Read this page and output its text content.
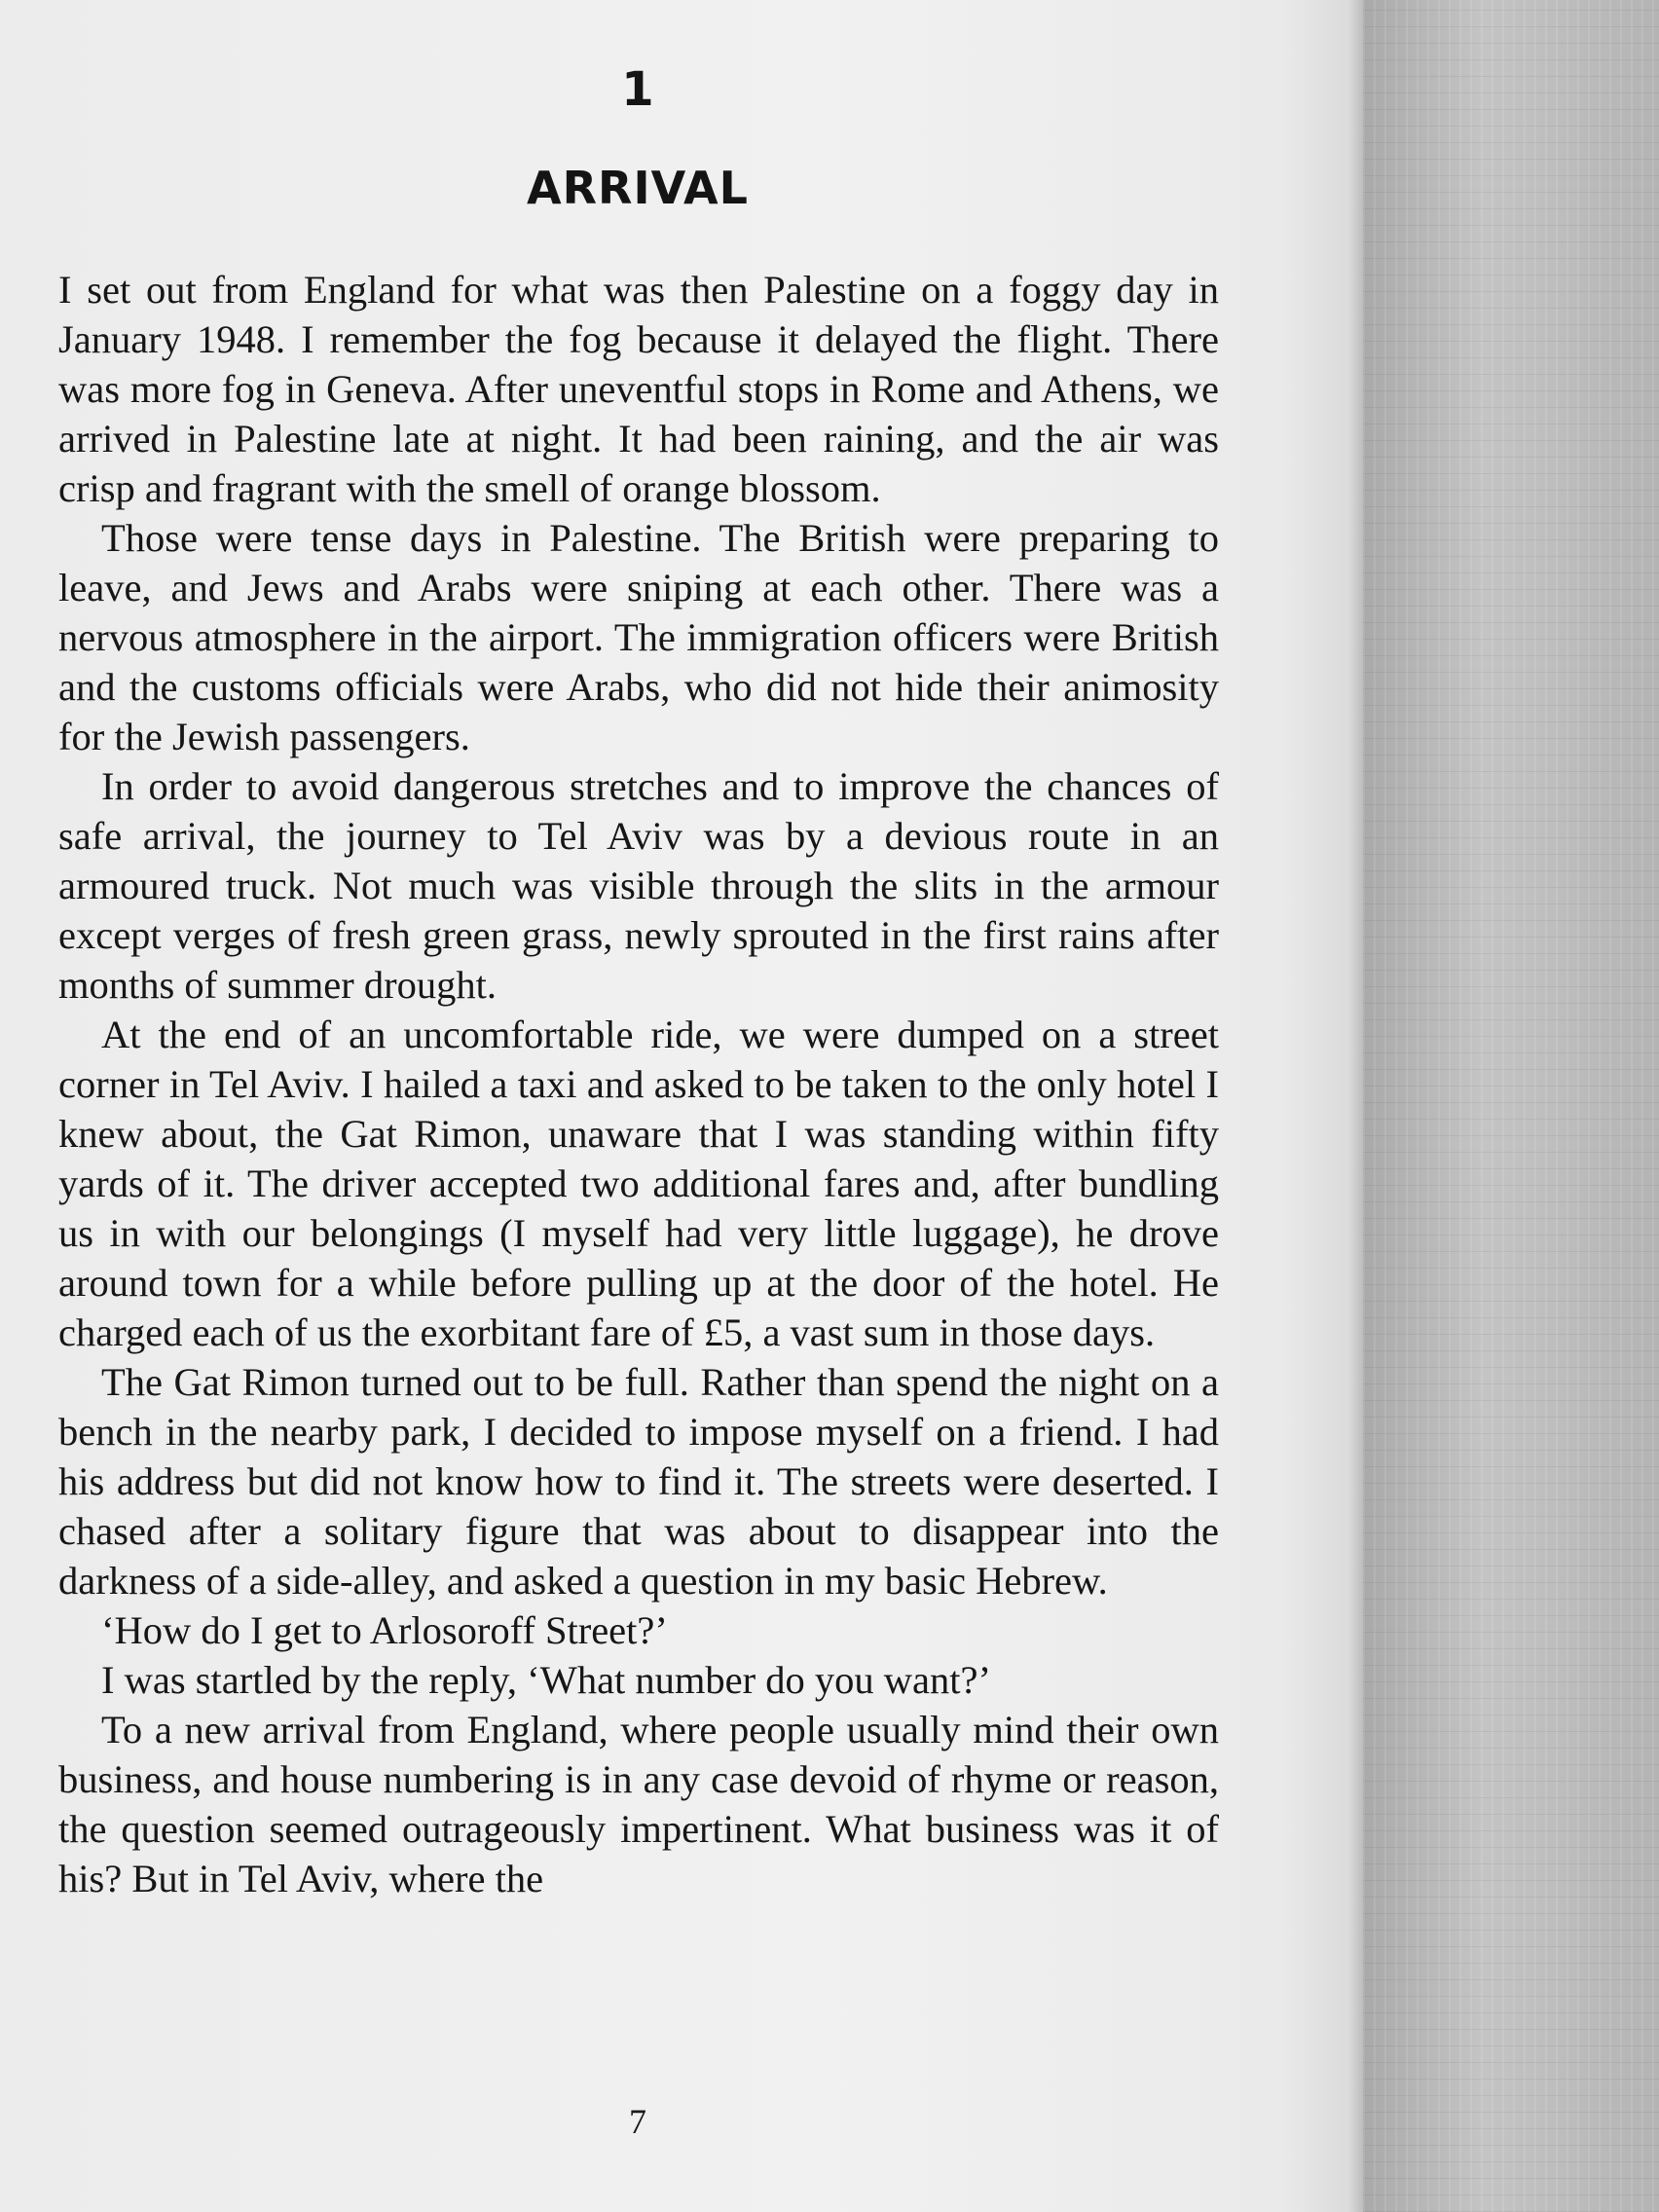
1
ARRIVAL

I set out from England for what was then Palestine on a foggy day in January 1948. I remember the fog because it delayed the flight. There was more fog in Geneva. After uneventful stops in Rome and Athens, we arrived in Palestine late at night. It had been raining, and the air was crisp and fragrant with the smell of orange blossom.

Those were tense days in Palestine. The British were preparing to leave, and Jews and Arabs were sniping at each other. There was a nervous atmosphere in the airport. The immigration officers were British and the customs officials were Arabs, who did not hide their animosity for the Jewish passengers.

In order to avoid dangerous stretches and to improve the chances of safe arrival, the journey to Tel Aviv was by a devious route in an armoured truck. Not much was visible through the slits in the armour except verges of fresh green grass, newly sprouted in the first rains after months of summer drought.

At the end of an uncomfortable ride, we were dumped on a street corner in Tel Aviv. I hailed a taxi and asked to be taken to the only hotel I knew about, the Gat Rimon, unaware that I was standing within fifty yards of it. The driver accepted two additional fares and, after bundling us in with our belongings (I myself had very little luggage), he drove around town for a while before pulling up at the door of the hotel. He charged each of us the exorbitant fare of £5, a vast sum in those days.

The Gat Rimon turned out to be full. Rather than spend the night on a bench in the nearby park, I decided to impose myself on a friend. I had his address but did not know how to find it. The streets were deserted. I chased after a solitary figure that was about to disappear into the darkness of a side-alley, and asked a question in my basic Hebrew.

‘How do I get to Arlosoroff Street?’

I was startled by the reply, ‘What number do you want?’

To a new arrival from England, where people usually mind their own business, and house numbering is in any case devoid of rhyme or reason, the question seemed outrageously impertinent. What business was it of his? But in Tel Aviv, where the

7
